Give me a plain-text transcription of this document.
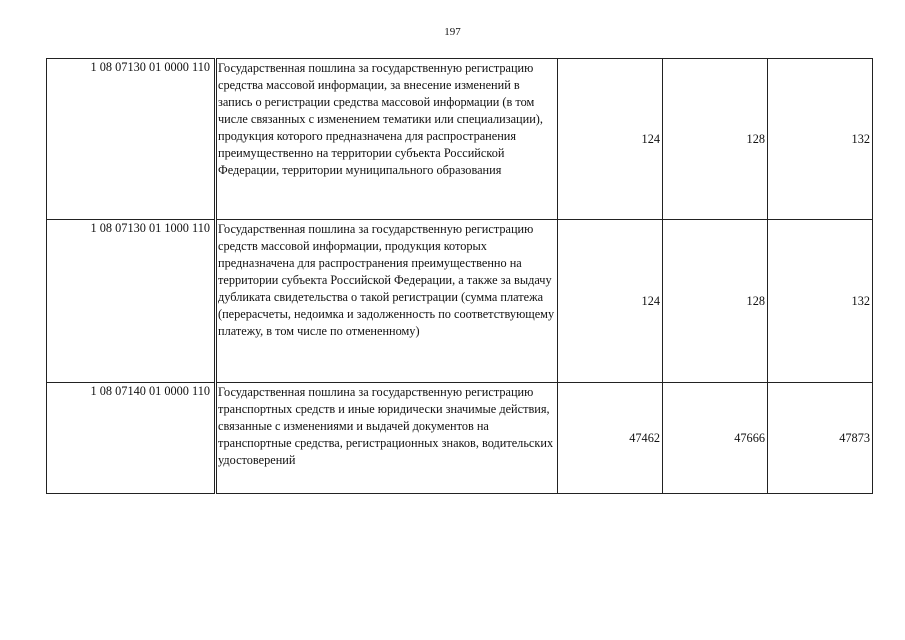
197
1 08 07130 01 0000 110	Государственная пошлина за государственную регистрацию средства массовой информации, за внесение изменений в запись о регистрации средства массовой информации (в том числе связанных с изменением тематики или специализации), продукция которого предназначена для распространения преимущественно на территории субъекта Российской Федерации, территории муниципального образования	124	128	132
1 08 07130 01 1000 110	Государственная пошлина за государственную регистрацию средств массовой информации, продукция которых предназначена для распространения преимущественно на территории субъекта Российской Федерации, а также за выдачу дубликата свидетельства о такой регистрации (сумма платежа (перерасчеты, недоимка и задолженность по соответствующему платежу, в том числе по отмененному)	124	128	132
1 08 07140 01 0000 110	Государственная пошлина за государственную регистрацию транспортных средств и иные юридически значимые действия, связанные с изменениями и выдачей документов на транспортные средства, регистрационных знаков, водительских удостоверений	47462	47666	47873
